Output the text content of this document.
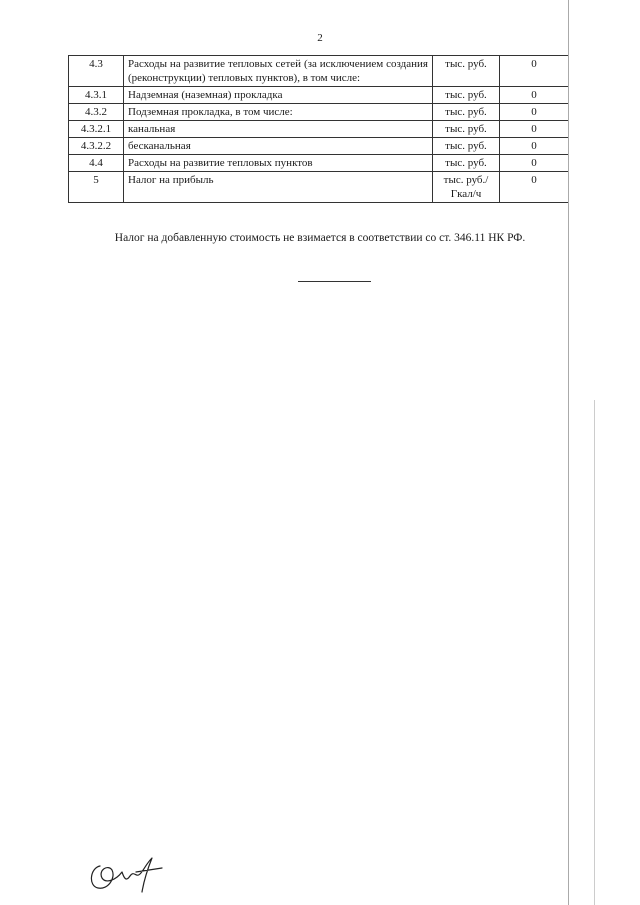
2
4.3	Расходы на развитие тепловых сетей (за исключением создания (реконструкции) тепловых пунктов), в том числе:	тыс. руб.	0
4.3.1	Надземная (наземная) прокладка	тыс. руб.	0
4.3.2	Подземная прокладка, в том числе:	тыс. руб.	0
4.3.2.1	канальная	тыс. руб.	0
4.3.2.2	бесканальная	тыс. руб.	0
4.4	Расходы на развитие тепловых пунктов	тыс. руб.	0
5	Налог на прибыль	тыс. руб./ Гкал/ч	0
Налог на добавленную стоимость не взимается в соответствии со ст. 346.11 НК РФ.
